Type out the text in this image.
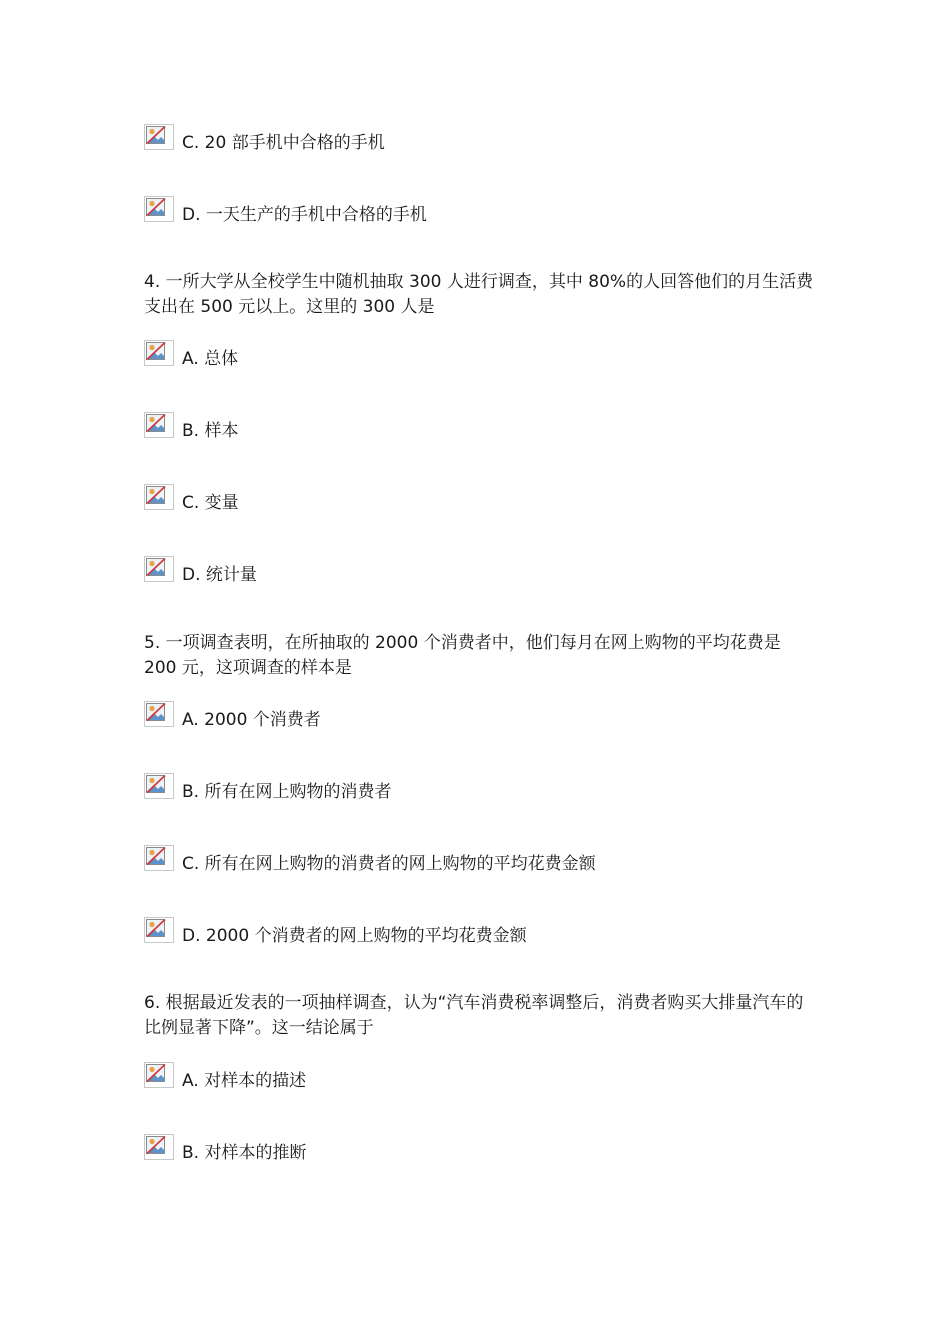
C. 20 部手机中合格的手机
D. 一天生产的手机中合格的手机
4. 一所大学从全校学生中随机抽取 300 人进行调查，其中 80%的人回答他们的月生活费支出在 500 元以上。这里的 300 人是
A. 总体
B. 样本
C. 变量
D. 统计量
5. 一项调查表明，在所抽取的 2000 个消费者中，他们每月在网上购物的平均花费是 200 元，这项调查的样本是
A. 2000 个消费者
B. 所有在网上购物的消费者
C. 所有在网上购物的消费者的网上购物的平均花费金额
D. 2000 个消费者的网上购物的平均花费金额
6. 根据最近发表的一项抽样调查，认为“汽车消费税率调整后，消费者购买大排量汽车的比例显著下降”。这一结论属于
A. 对样本的描述
B. 对样本的推断
